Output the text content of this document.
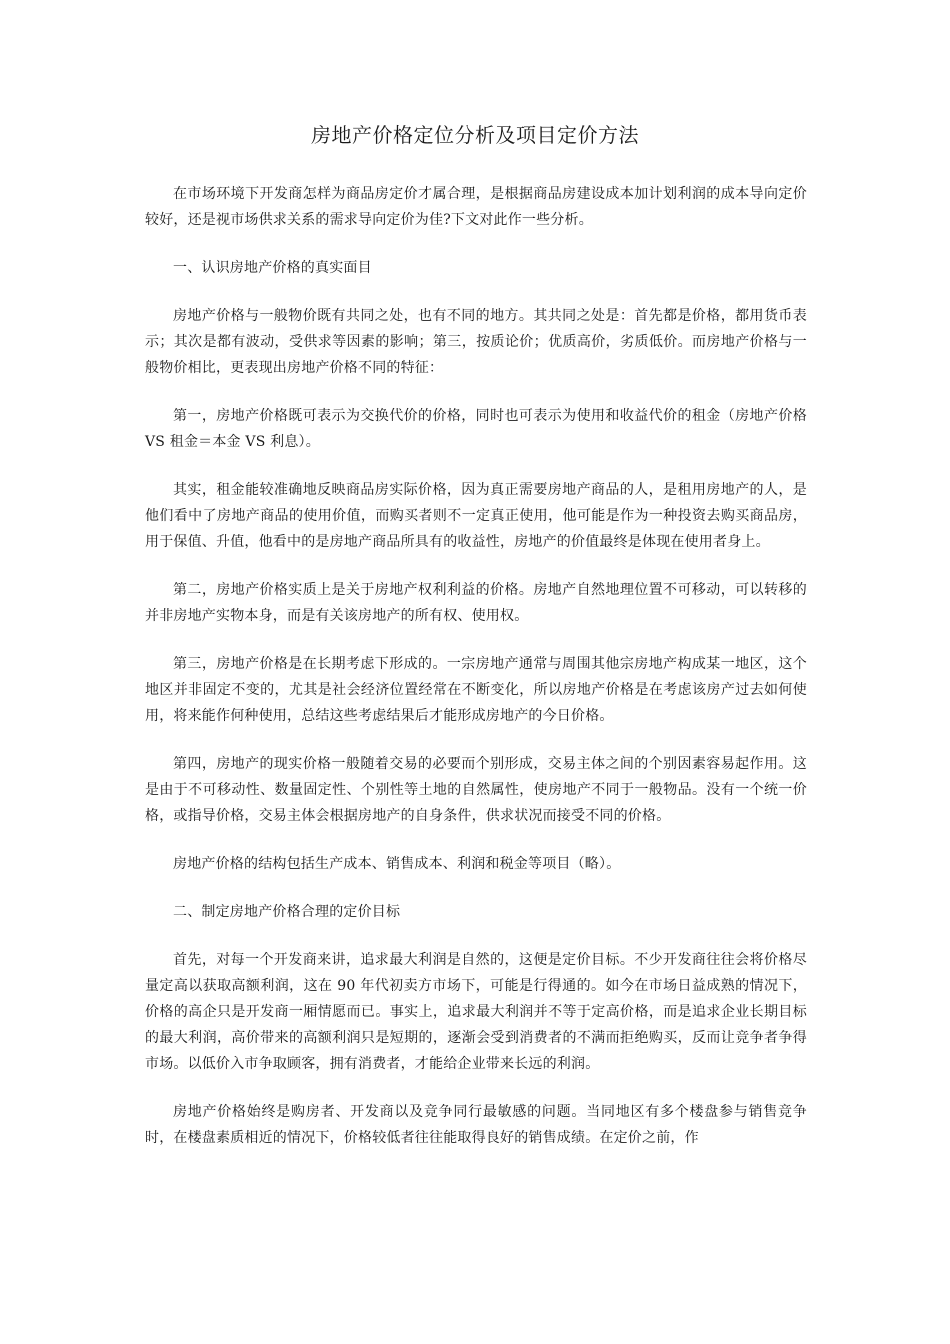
房地产价格定位分析及项目定价方法

在市场环境下开发商怎样为商品房定价才属合理，是根据商品房建设成本加计划利润的成本导向定价较好，还是视市场供求关系的需求导向定价为佳?下文对此作一些分析。

一、认识房地产价格的真实面目

房地产价格与一般物价既有共同之处，也有不同的地方。其共同之处是：首先都是价格，都用货币表示；其次是都有波动，受供求等因素的影响；第三，按质论价；优质高价，劣质低价。而房地产价格与一般物价相比，更表现出房地产价格不同的特征：

第一，房地产价格既可表示为交换代价的价格，同时也可表示为使用和收益代价的租金（房地产价格 VS 租金＝本金 VS 利息）。

其实，租金能较准确地反映商品房实际价格，因为真正需要房地产商品的人，是租用房地产的人，是他们看中了房地产商品的使用价值，而购买者则不一定真正使用，他可能是作为一种投资去购买商品房，用于保值、升值，他看中的是房地产商品所具有的收益性，房地产的价值最终是体现在使用者身上。

第二，房地产价格实质上是关于房地产权利利益的价格。房地产自然地理位置不可移动，可以转移的并非房地产实物本身，而是有关该房地产的所有权、使用权。

第三，房地产价格是在长期考虑下形成的。一宗房地产通常与周围其他宗房地产构成某一地区，这个地区并非固定不变的，尤其是社会经济位置经常在不断变化，所以房地产价格是在考虑该房产过去如何使用，将来能作何种使用，总结这些考虑结果后才能形成房地产的今日价格。

第四，房地产的现实价格一般随着交易的必要而个别形成，交易主体之间的个别因素容易起作用。这是由于不可移动性、数量固定性、个别性等土地的自然属性，使房地产不同于一般物品。没有一个统一价格，或指导价格，交易主体会根据房地产的自身条件，供求状况而接受不同的价格。

房地产价格的结构包括生产成本、销售成本、利润和税金等项目（略）。

二、制定房地产价格合理的定价目标

首先，对每一个开发商来讲，追求最大利润是自然的，这便是定价目标。不少开发商往往会将价格尽量定高以获取高额利润，这在 90 年代初卖方市场下，可能是行得通的。如今在市场日益成熟的情况下，价格的高企只是开发商一厢情愿而已。事实上，追求最大利润并不等于定高价格，而是追求企业长期目标的最大利润，高价带来的高额利润只是短期的，逐渐会受到消费者的不满而拒绝购买，反而让竞争者争得市场。以低价入市争取顾客，拥有消费者，才能给企业带来长远的利润。

房地产价格始终是购房者、开发商以及竞争同行最敏感的问题。当同地区有多个楼盘参与销售竞争时，在楼盘素质相近的情况下，价格较低者往往能取得良好的销售成绩。在定价之前，作
